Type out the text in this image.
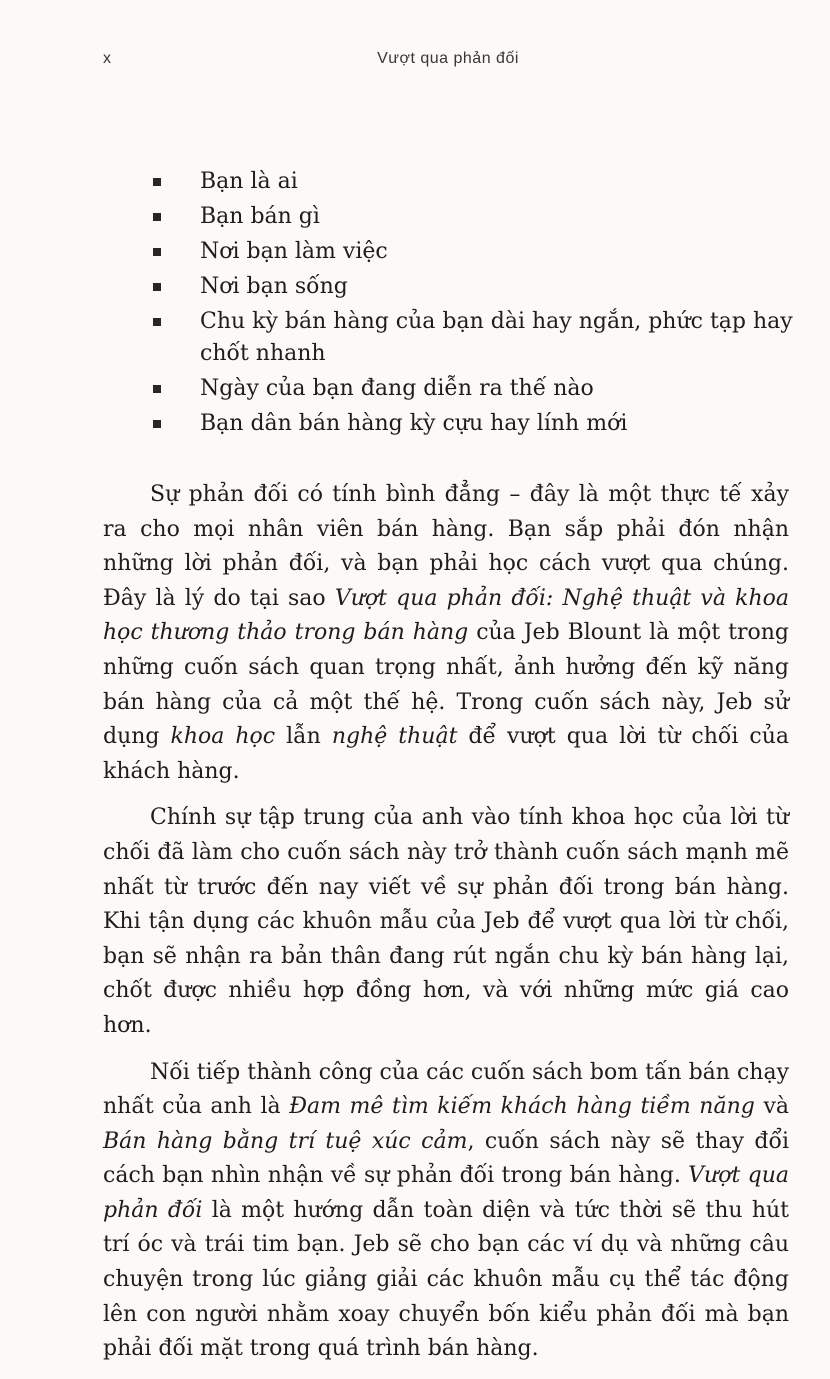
x	Vượt qua phản đối
Bạn là ai
Bạn bán gì
Nơi bạn làm việc
Nơi bạn sống
Chu kỳ bán hàng của bạn dài hay ngắn, phức tạp hay chốt nhanh
Ngày của bạn đang diễn ra thế nào
Bạn dân bán hàng kỳ cựu hay lính mới

Sự phản đối có tính bình đẳng – đây là một thực tế xảy ra cho mọi nhân viên bán hàng. Bạn sắp phải đón nhận những lời phản đối, và bạn phải học cách vượt qua chúng. Đây là lý do tại sao Vượt qua phản đối: Nghệ thuật và khoa học thương thảo trong bán hàng của Jeb Blount là một trong những cuốn sách quan trọng nhất, ảnh hưởng đến kỹ năng bán hàng của cả một thế hệ. Trong cuốn sách này, Jeb sử dụng khoa học lẫn nghệ thuật để vượt qua lời từ chối của khách hàng.

Chính sự tập trung của anh vào tính khoa học của lời từ chối đã làm cho cuốn sách này trở thành cuốn sách mạnh mẽ nhất từ trước đến nay viết về sự phản đối trong bán hàng. Khi tận dụng các khuôn mẫu của Jeb để vượt qua lời từ chối, bạn sẽ nhận ra bản thân đang rút ngắn chu kỳ bán hàng lại, chốt được nhiều hợp đồng hơn, và với những mức giá cao hơn.

Nối tiếp thành công của các cuốn sách bom tấn bán chạy nhất của anh là Đam mê tìm kiếm khách hàng tiềm năng và Bán hàng bằng trí tuệ xúc cảm, cuốn sách này sẽ thay đổi cách bạn nhìn nhận về sự phản đối trong bán hàng. Vượt qua phản đối là một hướng dẫn toàn diện và tức thời sẽ thu hút trí óc và trái tim bạn. Jeb sẽ cho bạn các ví dụ và những câu chuyện trong lúc giảng giải các khuôn mẫu cụ thể tác động lên con người nhằm xoay chuyển bốn kiểu phản đối mà bạn phải đối mặt trong quá trình bán hàng.
